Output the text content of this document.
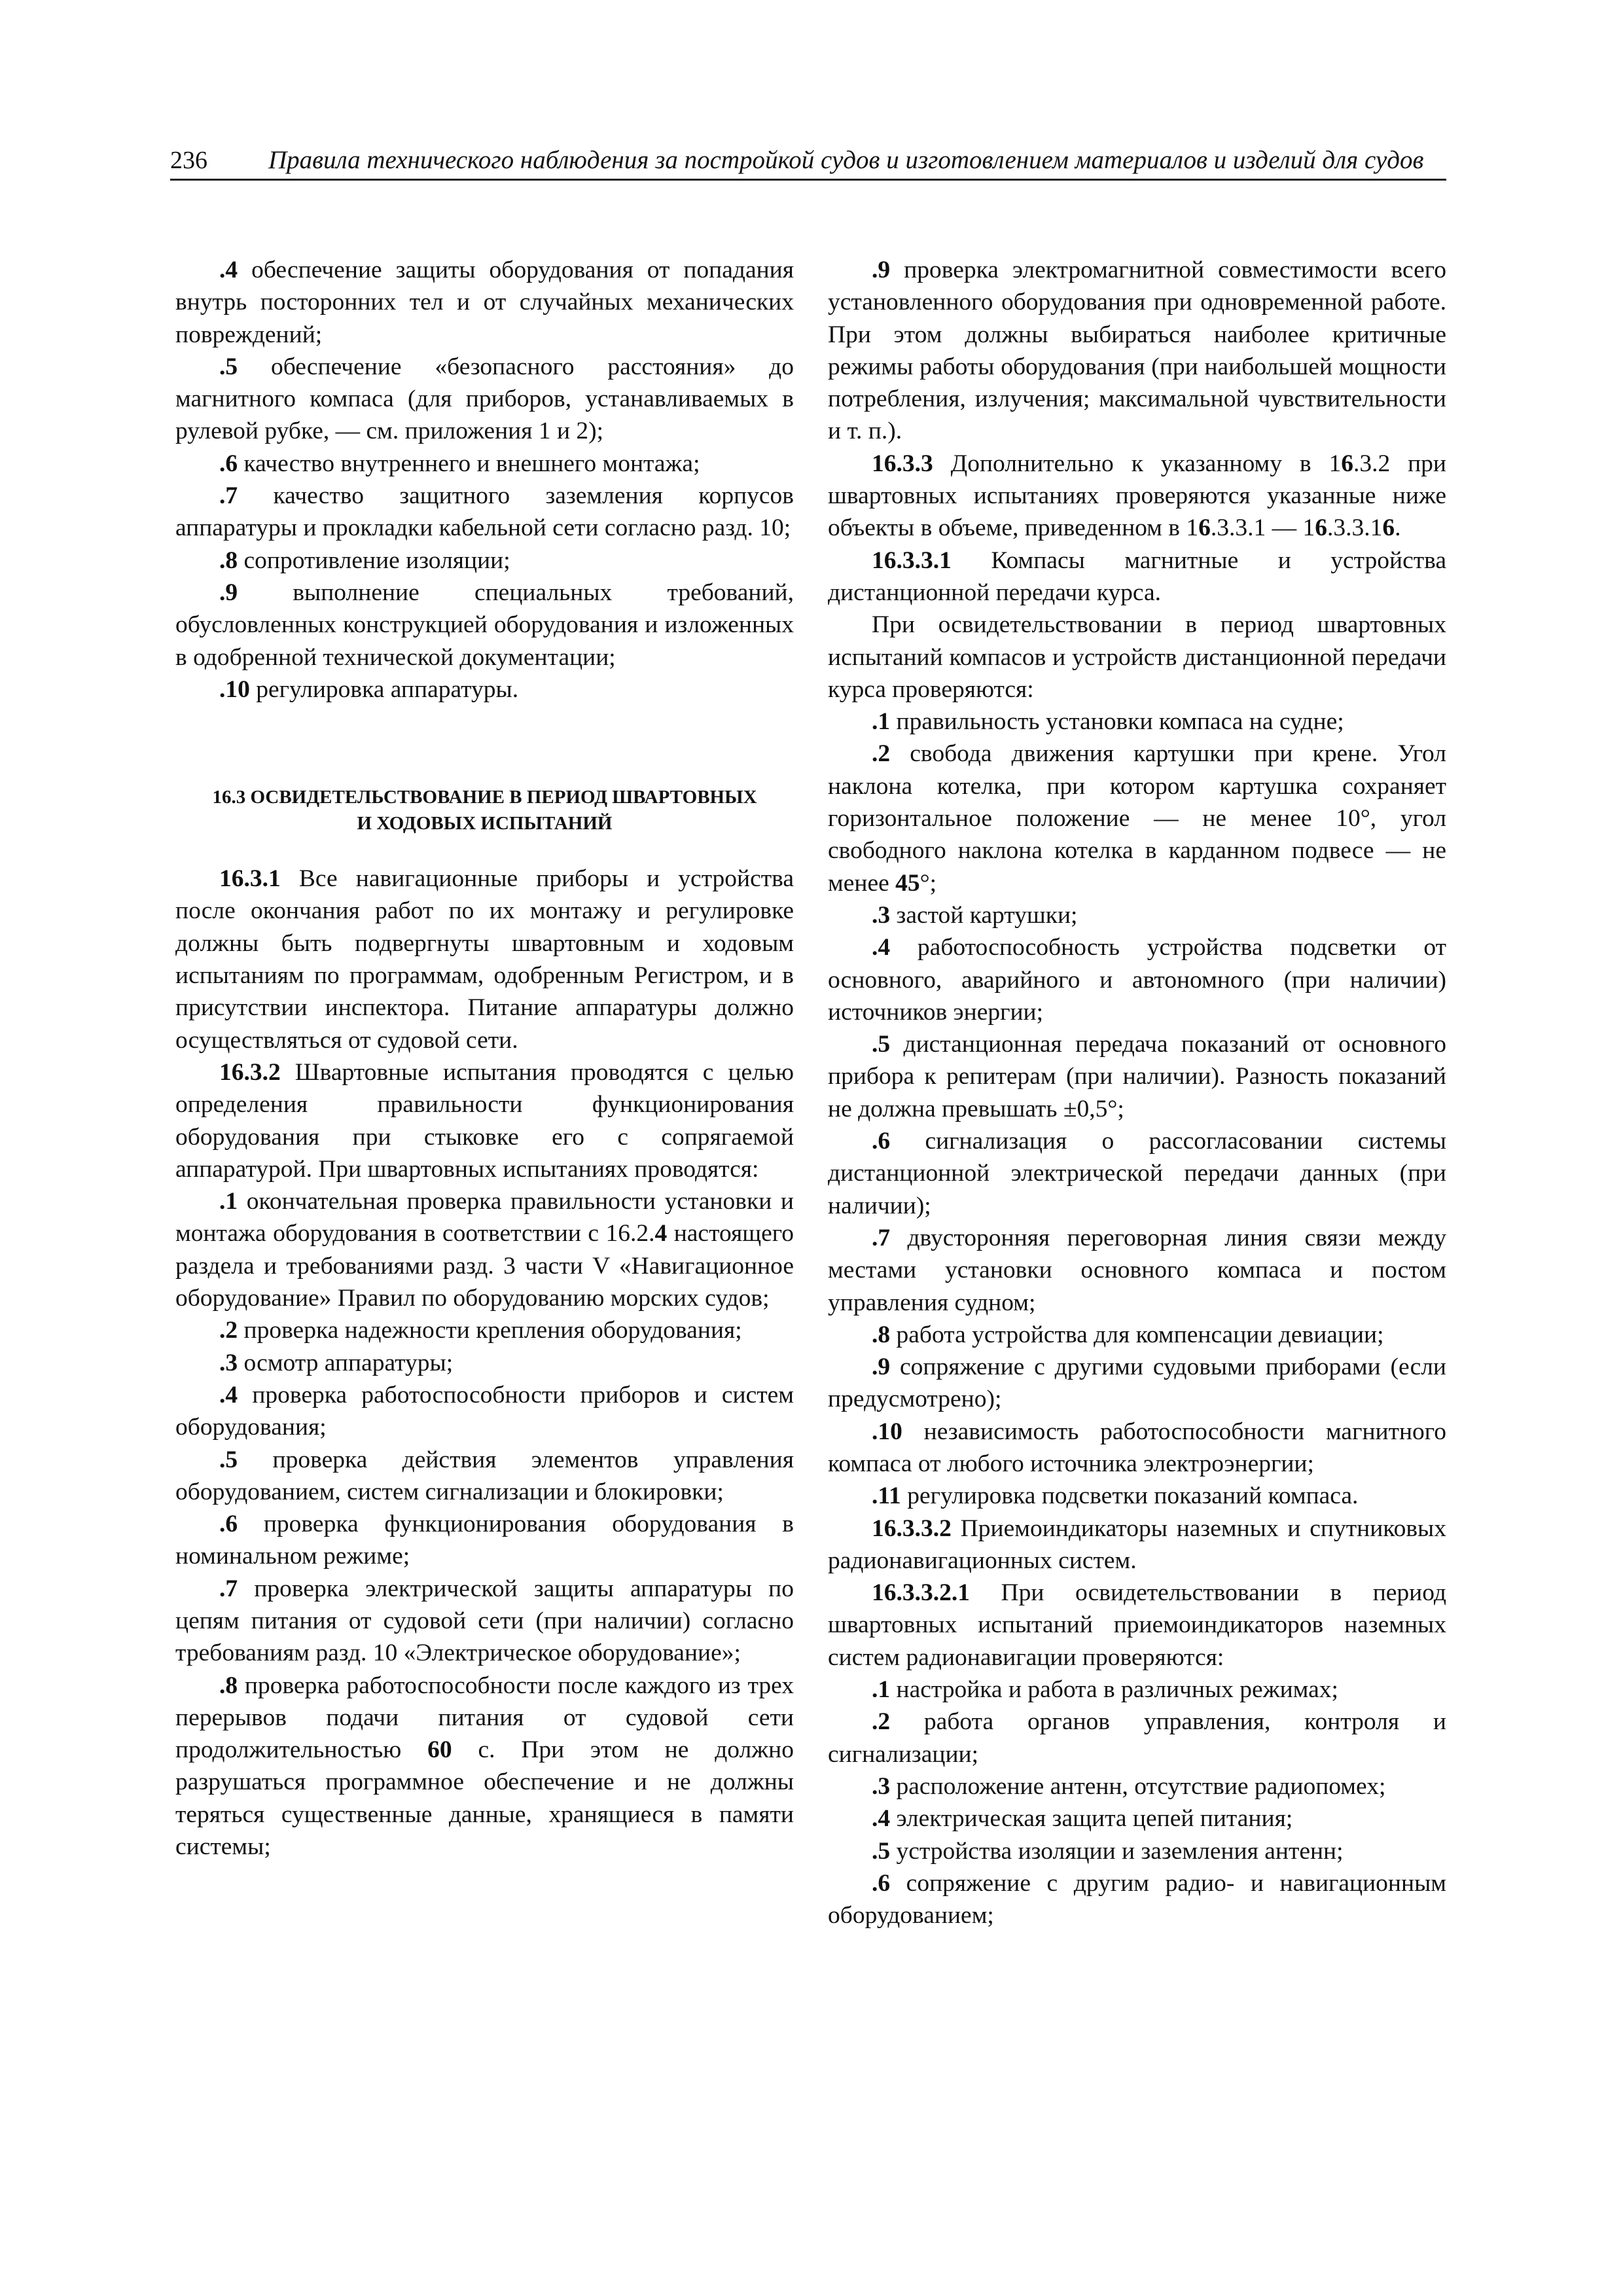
236	Правила технического наблюдения за постройкой судов и изготовлением материалов и изделий для судов

.4 обеспечение защиты оборудования от попадания внутрь посторонних тел и от случайных механических повреждений;

.5 обеспечение «безопасного расстояния» до магнитного компаса (для приборов, устанавливаемых в рулевой рубке, — см. приложения 1 и 2);

.6 качество внутреннего и внешнего монтажа;

.7 качество защитного заземления корпусов аппаратуры и прокладки кабельной сети согласно разд. 10;

.8 сопротивление изоляции;

.9 выполнение специальных требований, обусловленных конструкцией оборудования и изложенных в одобренной технической документации;

.10 регулировка аппаратуры.

16.3 ОСВИДЕТЕЛЬСТВОВАНИЕ В ПЕРИОД ШВАРТОВНЫХ
И ХОДОВЫХ ИСПЫТАНИЙ

16.3.1 Все навигационные приборы и устройства после окончания работ по их монтажу и регулировке должны быть подвергнуты швартовным и ходовым испытаниям по программам, одобренным Регистром, и в присутствии инспектора. Питание аппаратуры должно осуществляться от судовой сети.

16.3.2 Швартовные испытания проводятся с целью определения правильности функционирования оборудования при стыковке его с сопрягаемой аппаратурой. При швартовных испытаниях проводятся:

.1 окончательная проверка правильности установки и монтажа оборудования в соответствии с 16.2.4 настоящего раздела и требованиями разд. 3 части V «Навигационное оборудование» Правил по оборудованию морских судов;

.2 проверка надежности крепления оборудования;

.3 осмотр аппаратуры;

.4 проверка работоспособности приборов и систем оборудования;

.5 проверка действия элементов управления оборудованием, систем сигнализации и блокировки;

.6 проверка функционирования оборудования в номинальном режиме;

.7 проверка электрической защиты аппаратуры по цепям питания от судовой сети (при наличии) согласно требованиям разд. 10 «Электрическое оборудование»;

.8 проверка работоспособности после каждого из трех перерывов подачи питания от судовой сети продолжительностью 60 с. При этом не должно разрушаться программное обеспечение и не должны теряться существенные данные, хранящиеся в памяти системы;

.9 проверка электромагнитной совместимости всего установленного оборудования при одновременной работе. При этом должны выбираться наиболее критичные режимы работы оборудования (при наибольшей мощности потребления, излучения; максимальной чувствительности и т. п.).

16.3.3 Дополнительно к указанному в 16.3.2 при швартовных испытаниях проверяются указанные ниже объекты в объеме, приведенном в 16.3.3.1 — 16.3.3.16.

16.3.3.1 Компасы магнитные и устройства дистанционной передачи курса.

При освидетельствовании в период швартовных испытаний компасов и устройств дистанционной передачи курса проверяются:

.1 правильность установки компаса на судне;

.2 свобода движения картушки при крене. Угол наклона котелка, при котором картушка сохраняет горизонтальное положение — не менее 10°, угол свободного наклона котелка в карданном подвесе — не менее 45°;

.3 застой картушки;

.4 работоспособность устройства подсветки от основного, аварийного и автономного (при наличии) источников энергии;

.5 дистанционная передача показаний от основного прибора к репитерам (при наличии). Разность показаний не должна превышать ±0,5°;

.6 сигнализация о рассогласовании системы дистанционной электрической передачи данных (при наличии);

.7 двусторонняя переговорная линия связи между местами установки основного компаса и постом управления судном;

.8 работа устройства для компенсации девиации;

.9 сопряжение с другими судовыми приборами (если предусмотрено);

.10 независимость работоспособности магнитного компаса от любого источника электроэнергии;

.11 регулировка подсветки показаний компаса.

16.3.3.2 Приемоиндикаторы наземных и спутниковых радионавигационных систем.

16.3.3.2.1 При освидетельствовании в период швартовных испытаний приемоиндикаторов наземных систем радионавигации проверяются:

.1 настройка и работа в различных режимах;

.2 работа органов управления, контроля и сигнализации;

.3 расположение антенн, отсутствие радиопомех;

.4 электрическая защита цепей питания;

.5 устройства изоляции и заземления антенн;

.6 сопряжение с другим радио- и навигационным оборудованием;
